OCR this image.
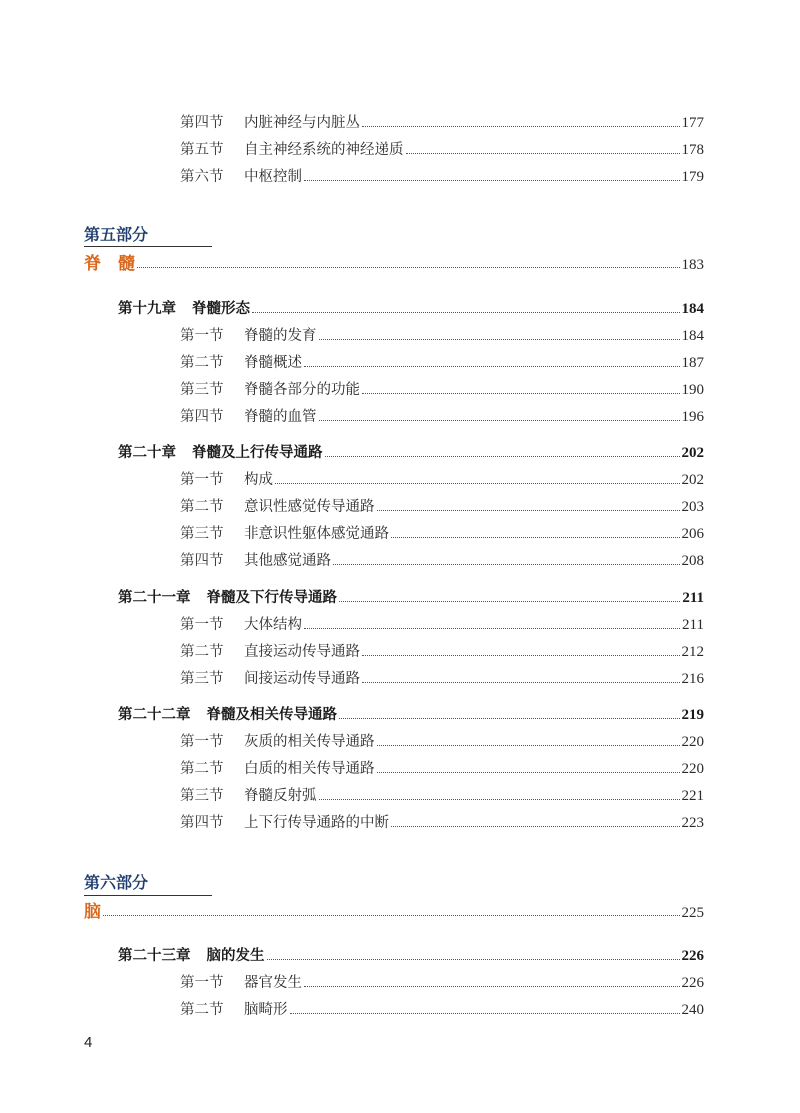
第四节	内脏神经与内脏丛	177
第五节	自主神经系统的神经递质	178
第六节	中枢控制	179
第五部分
脊　髓	183
第十九章 脊髓形态	184
第一节	脊髓的发育	184
第二节	脊髓概述	187
第三节	脊髓各部分的功能	190
第四节	脊髓的血管	196
第二十章 脊髓及上行传导通路	202
第一节	构成	202
第二节	意识性感觉传导通路	203
第三节	非意识性躯体感觉通路	206
第四节	其他感觉通路	208
第二十一章 脊髓及下行传导通路	211
第一节	大体结构	211
第二节	直接运动传导通路	212
第三节	间接运动传导通路	216
第二十二章 脊髓及相关传导通路	219
第一节	灰质的相关传导通路	220
第二节	白质的相关传导通路	220
第三节	脊髓反射弧	221
第四节	上下行传导通路的中断	223
第六部分
脑	225
第二十三章 脑的发生	226
第一节	器官发生	226
第二节	脑畸形	240
4
